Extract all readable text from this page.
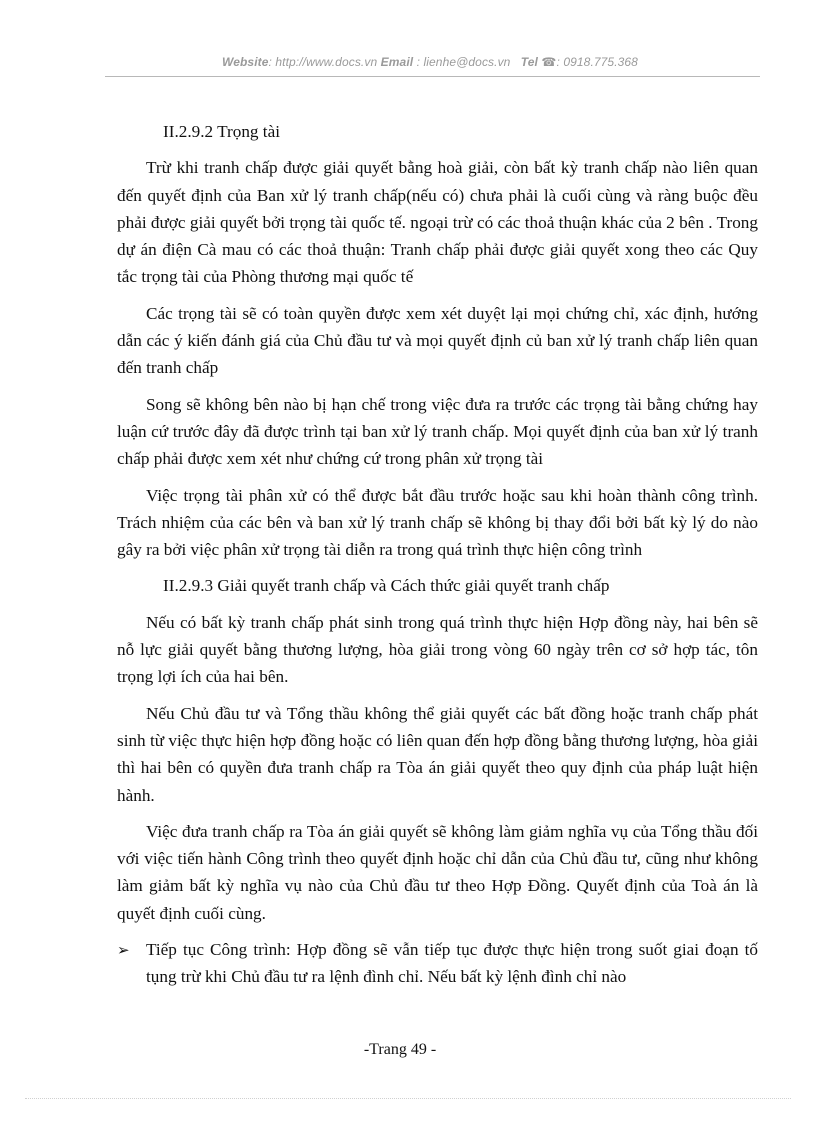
Website: http://www.docs.vn Email : lienhe@docs.vn Tel ☎: 0918.775.368

II.2.9.2 Trọng tài

Trừ khi tranh chấp được giải quyết bằng hoà giải, còn bất kỳ tranh chấp nào liên quan đến quyết định của Ban xử lý tranh chấp(nếu có) chưa phải là cuối cùng và ràng buộc đều phải được giải quyết bởi trọng tài quốc tế. ngoại trừ có các thoả thuận khác của 2 bên . Trong dự án điện Cà mau có các thoả thuận: Tranh chấp phải được giải quyết xong theo các Quy tắc trọng tài của Phòng thương mại quốc tế

Các trọng tài sẽ có toàn quyền được xem xét duyệt lại mọi chứng chỉ, xác định, hướng dẫn các ý kiến đánh giá của Chủ đầu tư và mọi quyết định củ ban xử lý tranh chấp liên quan đến tranh chấp

Song sẽ không bên nào bị hạn chế trong việc đưa ra trước các trọng tài bằng chứng hay luận cứ trước đây đã được trình tại ban xử lý tranh chấp. Mọi quyết định của ban xử lý tranh chấp phải được xem xét như chứng cứ trong phân xử trọng tài

Việc trọng tài phân xử có thể được bắt đầu trước hoặc sau khi hoàn thành công trình. Trách nhiệm của các bên và ban xử lý tranh chấp sẽ không bị thay đổi bởi bất kỳ lý do nào gây ra bởi việc phân xử trọng tài diễn ra trong quá trình thực hiện công trình

II.2.9.3 Giải quyết tranh chấp và Cách thức giải quyết tranh chấp

Nếu có bất kỳ tranh chấp phát sinh trong quá trình thực hiện Hợp đồng này, hai bên sẽ nỗ lực giải quyết bằng thương lượng, hòa giải trong vòng 60 ngày trên cơ sở hợp tác, tôn trọng lợi ích của hai bên.

Nếu Chủ đầu tư và Tổng thầu không thể giải quyết các bất đồng hoặc tranh chấp phát sinh từ việc thực hiện hợp đồng hoặc có liên quan đến hợp đồng bằng thương lượng, hòa giải thì hai bên có quyền đưa tranh chấp ra Tòa án giải quyết theo quy định của pháp luật hiện hành.

Việc đưa tranh chấp ra Tòa án giải quyết sẽ không làm giảm nghĩa vụ của Tổng thầu đối với việc tiến hành Công trình theo quyết định hoặc chỉ dẫn của Chủ đầu tư, cũng như không làm giảm bất kỳ nghĩa vụ nào của Chủ đầu tư theo Hợp Đồng. Quyết định của Toà án là quyết định cuối cùng.

➢ Tiếp tục Công trình: Hợp đồng sẽ vẫn tiếp tục được thực hiện trong suốt giai đoạn tố tụng trừ khi Chủ đầu tư ra lệnh đình chỉ. Nếu bất kỳ lệnh đình chỉ nào
-Trang 49 -
